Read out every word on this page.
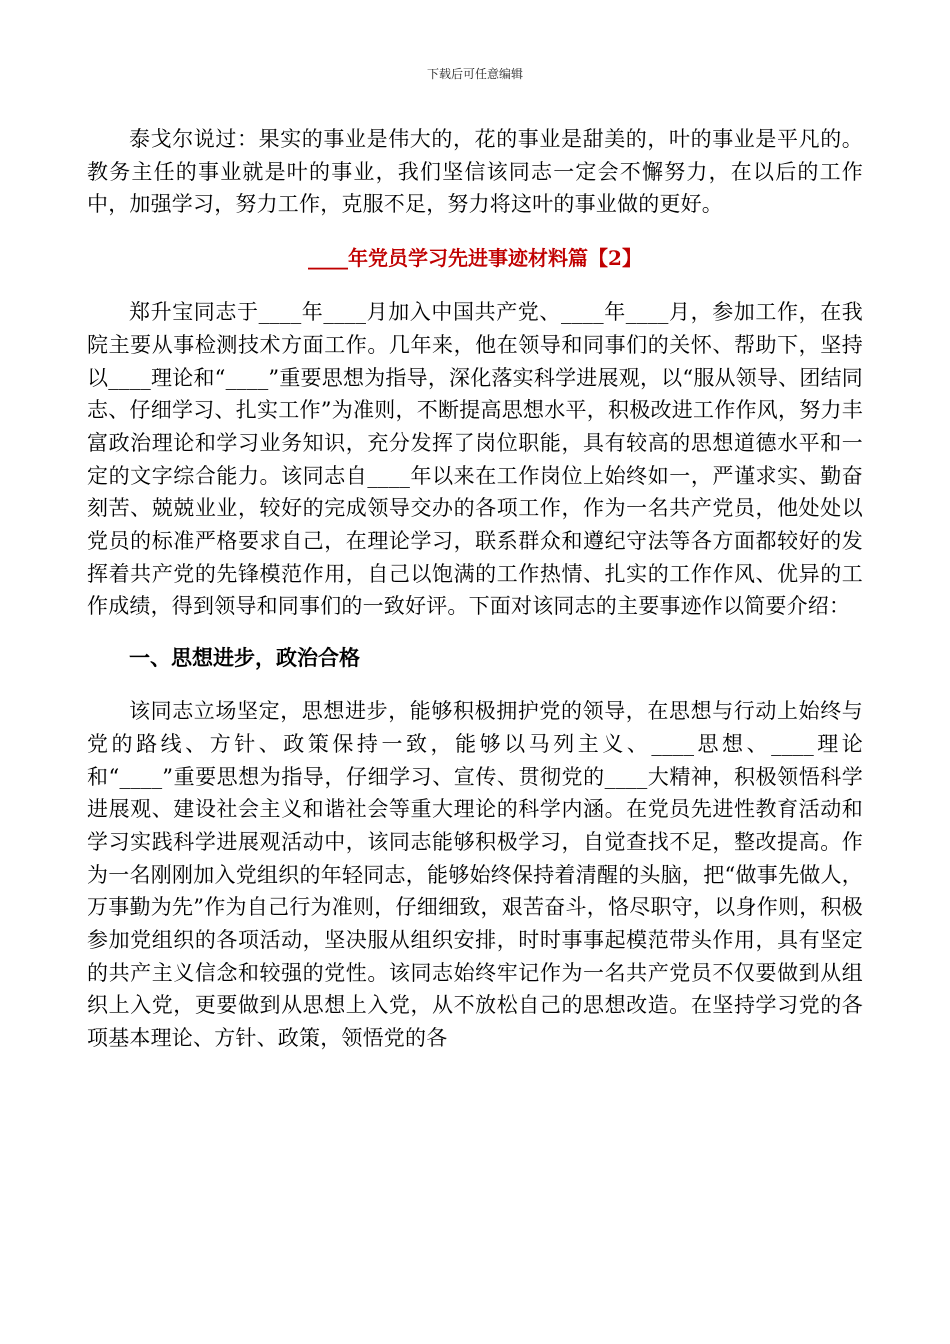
下载后可任意编辑

泰戈尔说过：果实的事业是伟大的，花的事业是甜美的，叶的事业是平凡的。教务主任的事业就是叶的事业，我们坚信该同志一定会不懈努力，在以后的工作中，加强学习，努力工作，克服不足，努力将这叶的事业做的更好。

____年党员学习先进事迹材料篇【2】

郑升宝同志于____年____月加入中国共产党、____年____月，参加工作，在我院主要从事检测技术方面工作。几年来，他在领导和同事们的关怀、帮助下，坚持以____理论和“____”重要思想为指导，深化落实科学进展观，以“服从领导、团结同志、仔细学习、扎实工作”为准则，不断提高思想水平，积极改进工作作风，努力丰富政治理论和学习业务知识，充分发挥了岗位职能，具有较高的思想道德水平和一定的文字综合能力。该同志自____年以来在工作岗位上始终如一，严谨求实、勤奋刻苦、兢兢业业，较好的完成领导交办的各项工作，作为一名共产党员，他处处以党员的标准严格要求自己，在理论学习，联系群众和遵纪守法等各方面都较好的发挥着共产党的先锋模范作用，自己以饱满的工作热情、扎实的工作作风、优异的工作成绩，得到领导和同事们的一致好评。下面对该同志的主要事迹作以简要介绍：

一、思想进步，政治合格

该同志立场坚定，思想进步，能够积极拥护党的领导，在思想与行动上始终与党的路线、方针、政策保持一致，能够以马列主义、____思想、____理论和“____”重要思想为指导，仔细学习、宣传、贯彻党的____大精神，积极领悟科学进展观、建设社会主义和谐社会等重大理论的科学内涵。在党员先进性教育活动和学习实践科学进展观活动中，该同志能够积极学习，自觉查找不足，整改提高。作为一名刚刚加入党组织的年轻同志，能够始终保持着清醒的头脑，把“做事先做人，万事勤为先”作为自己行为准则，仔细细致，艰苦奋斗，恪尽职守，以身作则，积极参加党组织的各项活动，坚决服从组织安排，时时事事起模范带头作用，具有坚定的共产主义信念和较强的党性。该同志始终牢记作为一名共产党员不仅要做到从组织上入党，更要做到从思想上入党，从不放松自己的思想改造。在坚持学习党的各项基本理论、方针、政策，领悟党的各
